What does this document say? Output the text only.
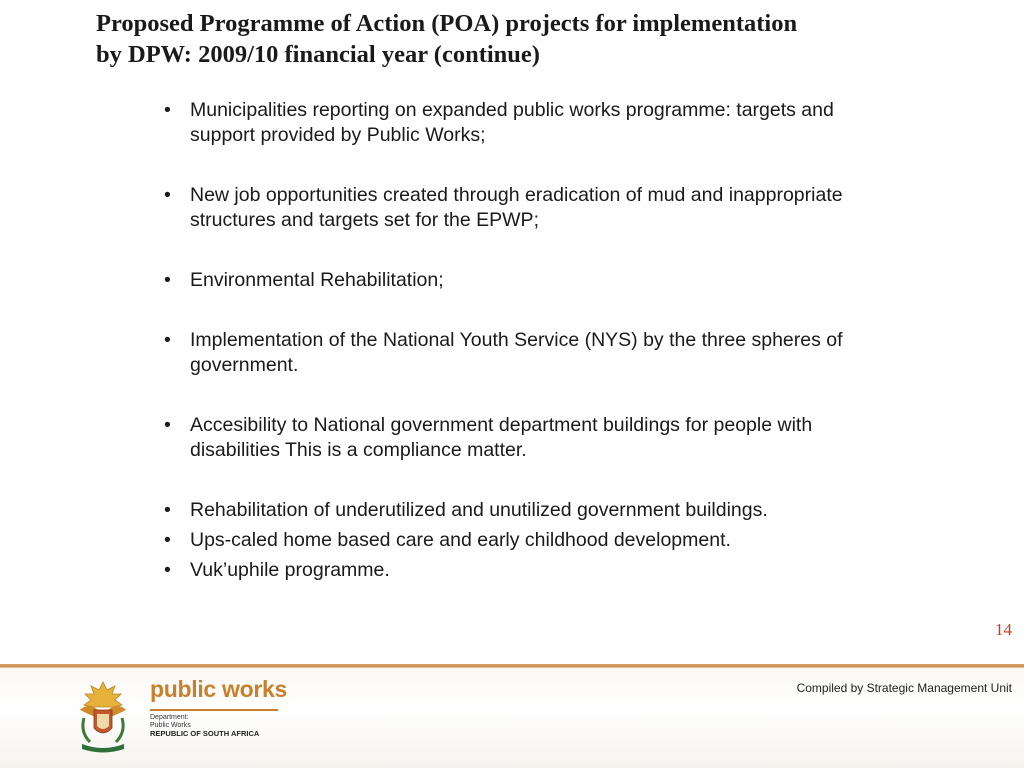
Proposed Programme of Action (POA) projects for implementation
by DPW: 2009/10 financial year (continue)
• Municipalities reporting on expanded public works programme: targets and
support provided by Public Works;
• New job opportunities created through eradication of mud and inappropriate
structures and targets set for the EPWP;
• Environmental Rehabilitation;
• Implementation of the National Youth Service (NYS) by the three spheres of
government.
• Accesibility to National government department buildings for people with
disabilities This is a compliance matter.
• Rehabilitation of underutilized and unutilized government buildings.
• Ups-caled home based care and early childhood development.
• Vuk’uphile programme.
14
Compiled by Strategic Management Unit
public works
Department:
Public Works
REPUBLIC OF SOUTH AFRICA
